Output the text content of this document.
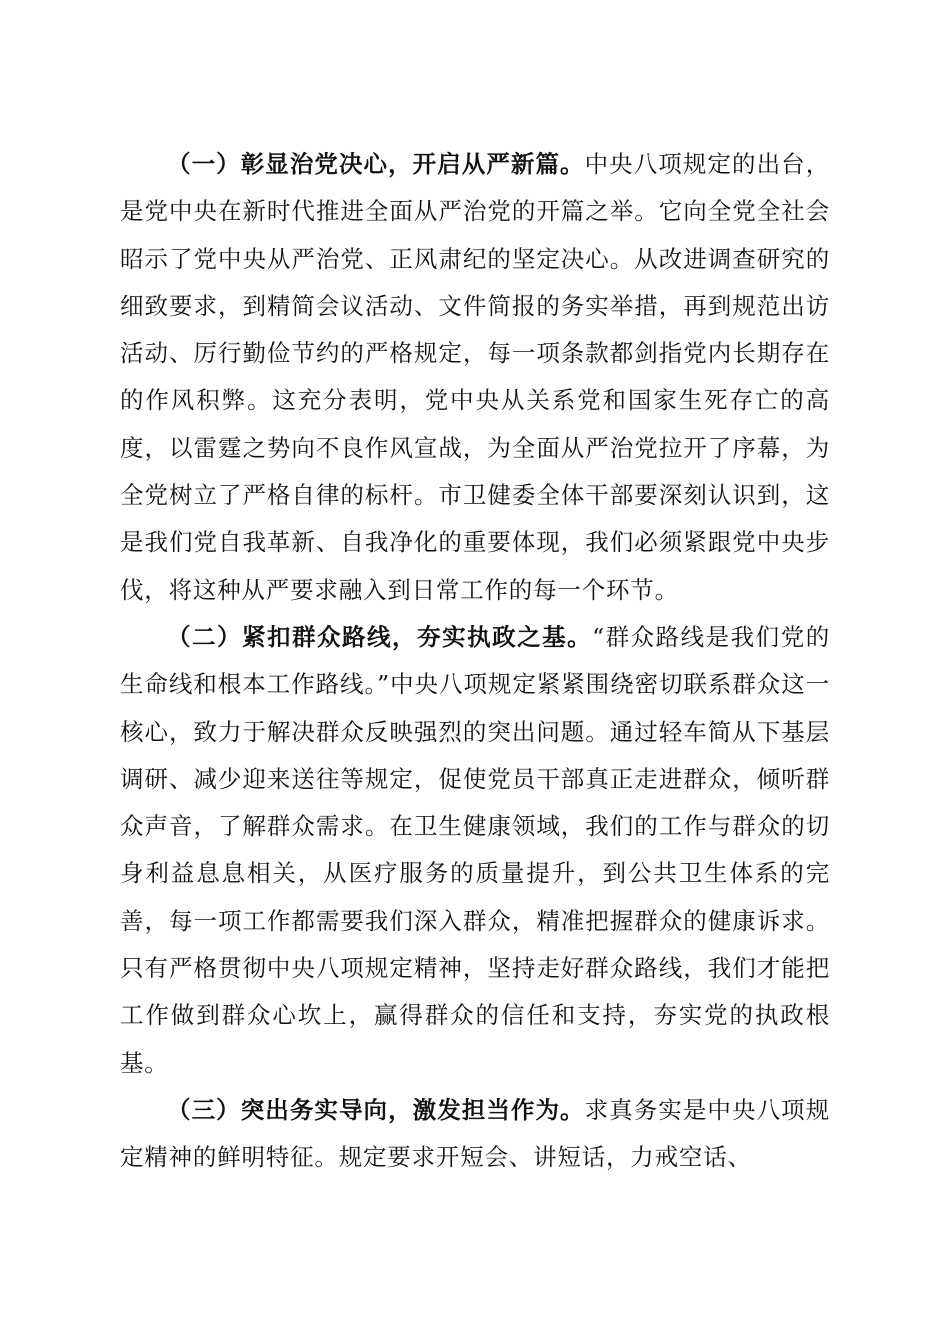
（一）彰显治党决心，开启从严新篇。中央八项规定的出台，是党中央在新时代推进全面从严治党的开篇之举。它向全党全社会昭示了党中央从严治党、正风肃纪的坚定决心。从改进调查研究的细致要求，到精简会议活动、文件简报的务实举措，再到规范出访活动、厉行勤俭节约的严格规定，每一项条款都剑指党内长期存在的作风积弊。这充分表明，党中央从关系党和国家生死存亡的高度，以雷霆之势向不良作风宣战，为全面从严治党拉开了序幕，为全党树立了严格自律的标杆。市卫健委全体干部要深刻认识到，这是我们党自我革新、自我净化的重要体现，我们必须紧跟党中央步伐，将这种从严要求融入到日常工作的每一个环节。

（二）紧扣群众路线，夯实执政之基。“群众路线是我们党的生命线和根本工作路线。”中央八项规定紧紧围绕密切联系群众这一核心，致力于解决群众反映强烈的突出问题。通过轻车简从下基层调研、减少迎来送往等规定，促使党员干部真正走进群众，倾听群众声音，了解群众需求。在卫生健康领域，我们的工作与群众的切身利益息息相关，从医疗服务的质量提升，到公共卫生体系的完善，每一项工作都需要我们深入群众，精准把握群众的健康诉求。只有严格贯彻中央八项规定精神，坚持走好群众路线，我们才能把工作做到群众心坎上，赢得群众的信任和支持，夯实党的执政根基。

（三）突出务实导向，激发担当作为。求真务实是中央八项规定精神的鲜明特征。规定要求开短会、讲短话，力戒空话、
